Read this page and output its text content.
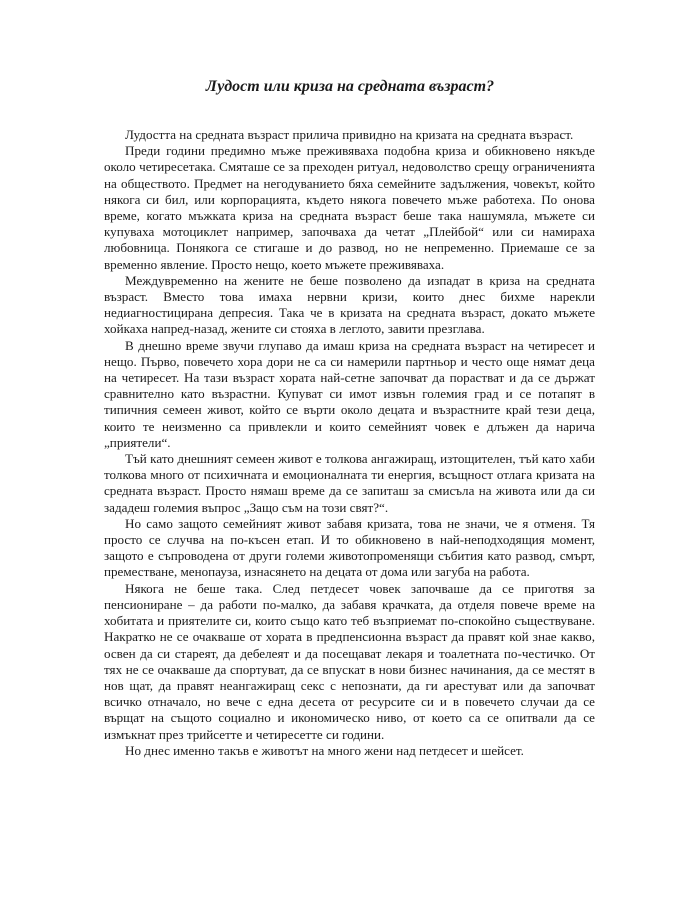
Лудост или криза на средната възраст?

Лудостта на средната възраст прилича привидно на кризата на средната възраст.

Преди години предимно мъже преживяваха подобна криза и обикновено някъде около четиресетака. Смяташе се за преходен ритуал, недоволство срещу ограниченията на обществото. Предмет на негодуванието бяха семейните задължения, човекът, който някога си бил, или корпорацията, където някога повечето мъже работеха. По онова време, когато мъжката криза на средната възраст беше така нашумяла, мъжете си купуваха мотоциклет например, започваха да четат „Плейбой“ или си намираха любовница. Понякога се стигаше и до развод, но не непременно. Приемаше се за временно явление. Просто нещо, което мъжете преживяваха.

Междувременно на жените не беше позволено да изпадат в криза на средната възраст. Вместо това имаха нервни кризи, които днес бихме нарекли недиагностицирана депресия. Така че в кризата на средната възраст, докато мъжете хойкаха напред-назад, жените си стояха в леглото, завити презглава.

В днешно време звучи глупаво да имаш криза на средната възраст на четиресет и нещо. Първо, повечето хора дори не са си намерили партньор и често още нямат деца на четиресет. На тази възраст хората най-сетне започват да порастват и да се държат сравнително като възрастни. Купуват си имот извън големия град и се потапят в типичния семеен живот, който се върти около децата и възрастните край тези деца, които те неизменно са привлекли и които семейният човек е длъжен да нарича „приятели“.

Тъй като днешният семеен живот е толкова ангажиращ, изтощителен, тъй като хаби толкова много от психичната и емоционалната ти енергия, всъщност отлага кризата на средната възраст. Просто нямаш време да се запиташ за смисъла на живота или да си зададеш големия въпрос „Защо съм на този свят?“.

Но само защото семейният живот забавя кризата, това не значи, че я отменя. Тя просто се случва на по-късен етап. И то обикновено в най-неподходящия момент, защото е съпроводена от други големи животопроменящи събития като развод, смърт, преместване, менопауза, изнасянето на децата от дома или загуба на работа.

Някога не беше така. След петдесет човек започваше да се приготвя за пенсиониране – да работи по-малко, да забавя крачката, да отделя повече време на хобитата и приятелите си, които също като теб възприемат по-спокойно съществуване. Накратко не се очакваше от хората в предпенсионна възраст да правят кой знае какво, освен да си стареят, да дебелеят и да посещават лекаря и тоалетната по-честичко. От тях не се очакваше да спортуват, да се впускат в нови бизнес начинания, да се местят в нов щат, да правят неангажиращ секс с непознати, да ги арестуват или да започват всичко отначало, но вече с една десета от ресурсите си и в повечето случаи да се върщат на същото социално и икономическо ниво, от което са се опитвали да се измъкнат през трийсетте и четиресетте си години.

Но днес именно такъв е животът на много жени над петдесет и шейсет.
